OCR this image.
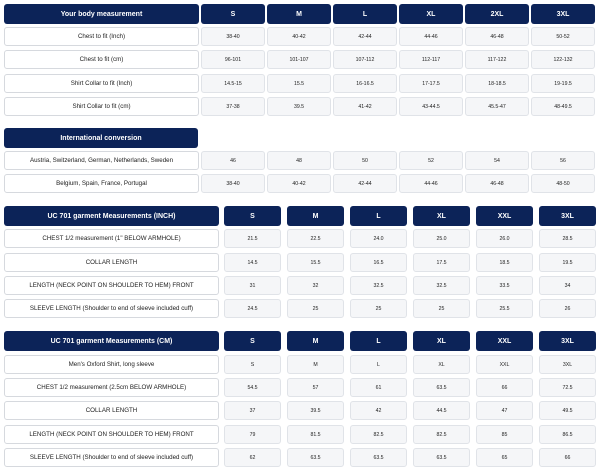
Your body measurement	S	M	L	XL	2XL	3XL
Chest to fit (Inch)	38-40	40-42	42-44	44-46	46-48	50-52
Chest to fit (cm)	96-101	101-107	107-112	112-117	117-122	122-132
Shirt Collar to fit (Inch)	14.5-15	15.5	16-16.5	17-17.5	18-18.5	19-19.5
Shirt Collar to fit (cm)	37-38	39.5	41-42	43-44.5	45.5-47	48-49.5
International conversion
Austria, Switzerland, German, Netherlands, Sweden	46	48	50	52	54	56
Belgium, Spain, France, Portugal	38-40	40-42	42-44	44-46	46-48	48-50
UC 701 garment Measurements (INCH)	S	M	L	XL	XXL	3XL
CHEST 1/2 measurement (1" BELOW ARMHOLE)	21.5	22.5	24.0	25.0	26.0	28.5
COLLAR LENGTH	14.5	15.5	16.5	17.5	18.5	19.5
LENGTH (NECK POINT ON SHOULDER TO HEM) FRONT	31	32	32.5	32.5	33.5	34
SLEEVE LENGTH (Shoulder to end of sleeve included cuff)	24.5	25	25	25	25.5	26
UC 701 garment Measurements (CM)	S	M	L	XL	XXL	3XL
Men's Oxford Shirt, long sleeve	S	M	L	XL	XXL	3XL
CHEST 1/2 measurement (2.5cm BELOW ARMHOLE)	54.5	57	61	63.5	66	72.5
COLLAR LENGTH	37	39.5	42	44.5	47	49.5
LENGTH (NECK POINT ON SHOULDER TO HEM) FRONT	79	81.5	82.5	82.5	85	86.5
SLEEVE LENGTH (Shoulder to end of sleeve included cuff)	62	63.5	63.5	63.5	65	66
